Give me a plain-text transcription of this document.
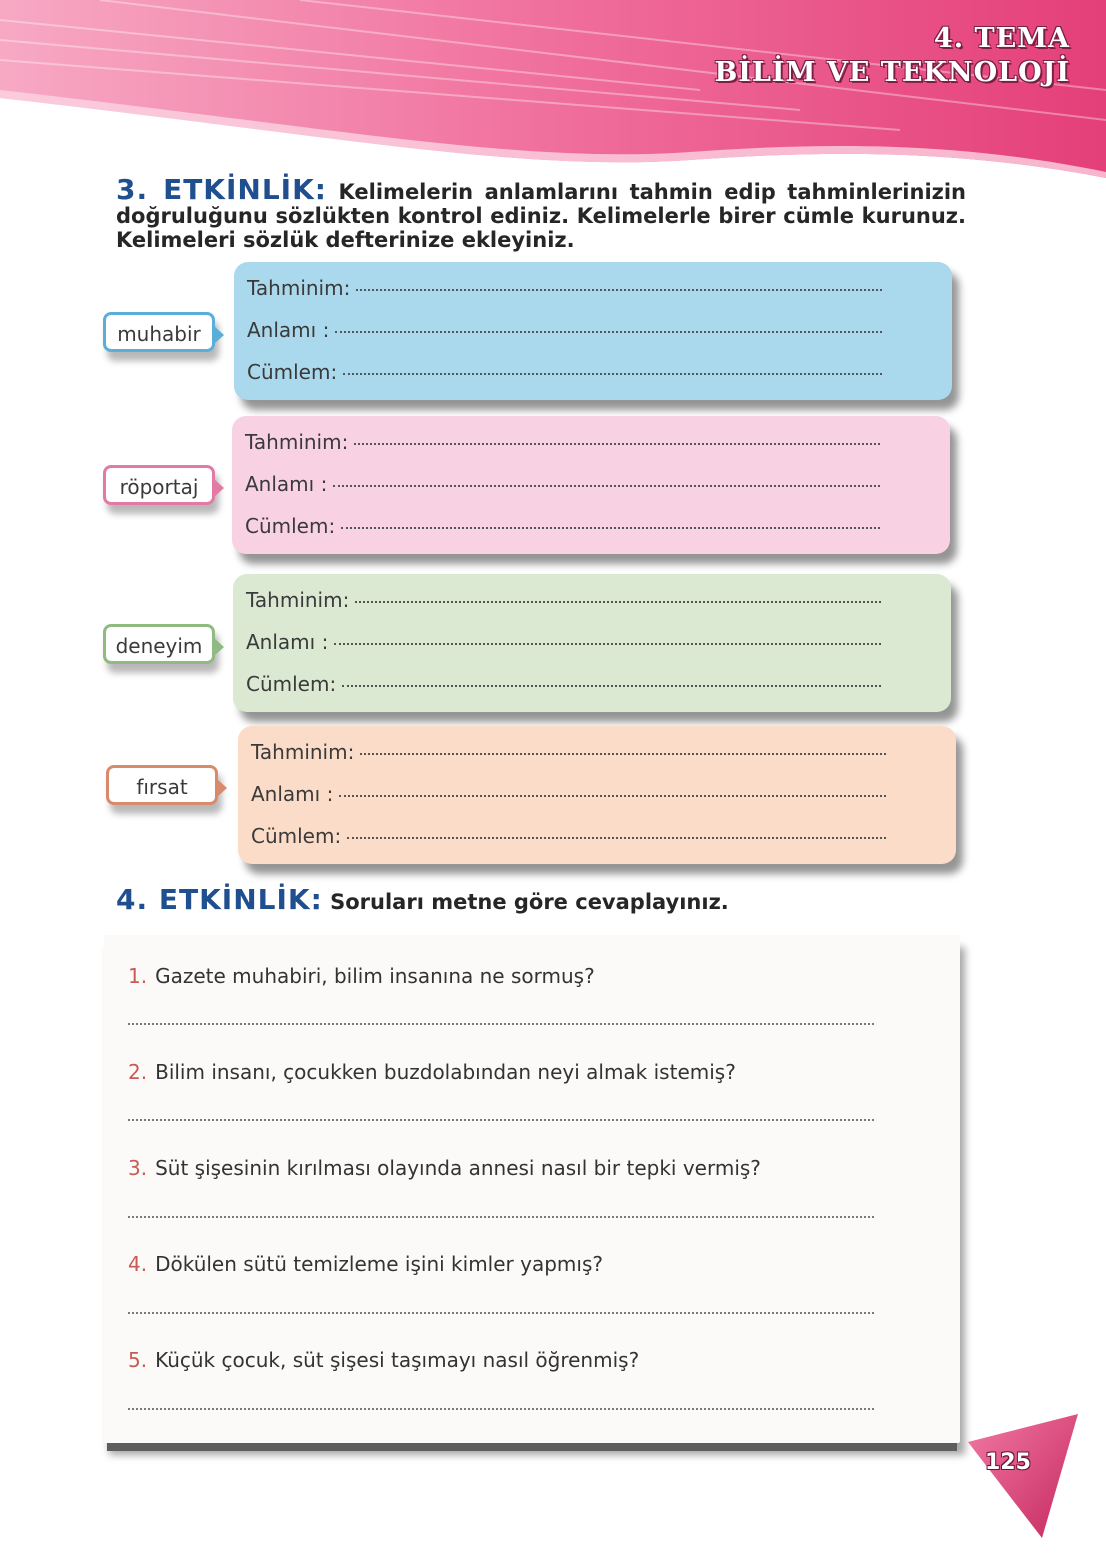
4. TEMA
BİLİM VE TEKNOLOJİ
3. ETKİNLİK: Kelimelerin anlamlarını tahmin edip tahminlerinizin doğruluğunu sözlükten kontrol ediniz. Kelimelerle birer cümle kurunuz. Kelimeleri sözlük defterinize ekleyiniz.
muhabir
Tahminim:
Anlamı :
Cümlem:
röportaj
Tahminim:
Anlamı :
Cümlem:
deneyim
Tahminim:
Anlamı :
Cümlem:
fırsat
Tahminim:
Anlamı :
Cümlem:
4. ETKİNLİK: Soruları metne göre cevaplayınız.
1. Gazete muhabiri, bilim insanına ne sormuş?
2. Bilim insanı, çocukken buzdolabından neyi almak istemiş?
3. Süt şişesinin kırılması olayında annesi nasıl bir tepki vermiş?
4. Dökülen sütü temizleme işini kimler yapmış?
5. Küçük çocuk, süt şişesi taşımayı nasıl öğrenmiş?
125
